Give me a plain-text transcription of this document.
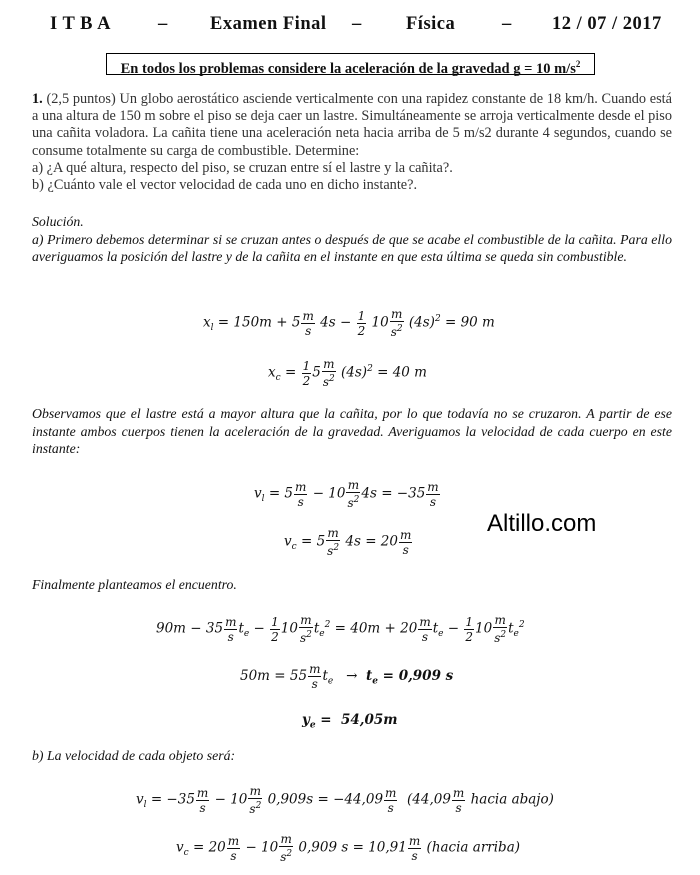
I T B A	– Examen Final – Física	– 12 / 07 / 2017
En todos los problemas considere la aceleración de la gravedad g = 10 $m/s^2$
1. (2,5 puntos) Un globo aerostático asciende verticalmente con una rapidez constante de 18 km/h. Cuando está a una altura de 150 m sobre el piso se deja caer un lastre. Simultáneamente se arroja verticalmente desde el piso una cañita voladora. La cañita tiene una aceleración neta hacia arriba de 5 m/s2 durante 4 segundos, cuando se consume totalmente su carga de combustible. Determine:
a) ¿A qué altura, respecto del piso, se cruzan entre sí el lastre y la cañita?.
b) ¿Cuánto vale el vector velocidad de cada uno en dicho instante?.
Solución.
a) Primero debemos determinar si se cruzan antes o después de que se acabe el combustible de la cañita. Para ello averiguamos la posición del lastre y de la cañita en el instante en que esta última se queda sin combustible.
$x_l = 150m + 5 \frac{m}{s} 4s - \frac{1}{2} 10 \frac{m}{s^2} (4s)^2 = 90$ m
$x_c = \frac{1}{2} 5 \frac{m}{s^2} (4s)^2 = 40$ m
Observamos que el lastre está a mayor altura que la cañita, por lo que todavía no se cruzaron. A partir de ese instante ambos cuerpos tienen la aceleración de la gravedad. Averiguamos la velocidad de cada cuerpo en este instante:
$v_l = 5 \frac{m}{s} - 10 \frac{m}{s^2} 4s = -35 \frac{m}{s}$
$v_c = 5 \frac{m}{s^2} 4s = 20 \frac{m}{s}$
Altillo.com
Finalmente planteamos el encuentro.
$90m - 35 \frac{m}{s} t_e - \frac{1}{2} 10 \frac{m}{s^2} t_e^2 = 40m + 20 \frac{m}{s} t_e - \frac{1}{2} 10 \frac{m}{s^2} t_e^2$
$50m = 55 \frac{m}{s} t_e \to t_e = 0,909$ s
$y_e = 54,05m$
b) La velocidad de cada objeto será:
$v_l = -35 \frac{m}{s} - 10 \frac{m}{s^2} 0,909s = -44,09 \frac{m}{s} (44,09 \frac{m}{s}$ hacia abajo)
$v_c = 20 \frac{m}{s} - 10 \frac{m}{s^2} 0,909$ $s = 10,91 \frac{m}{s}$ (hacia arriba)
